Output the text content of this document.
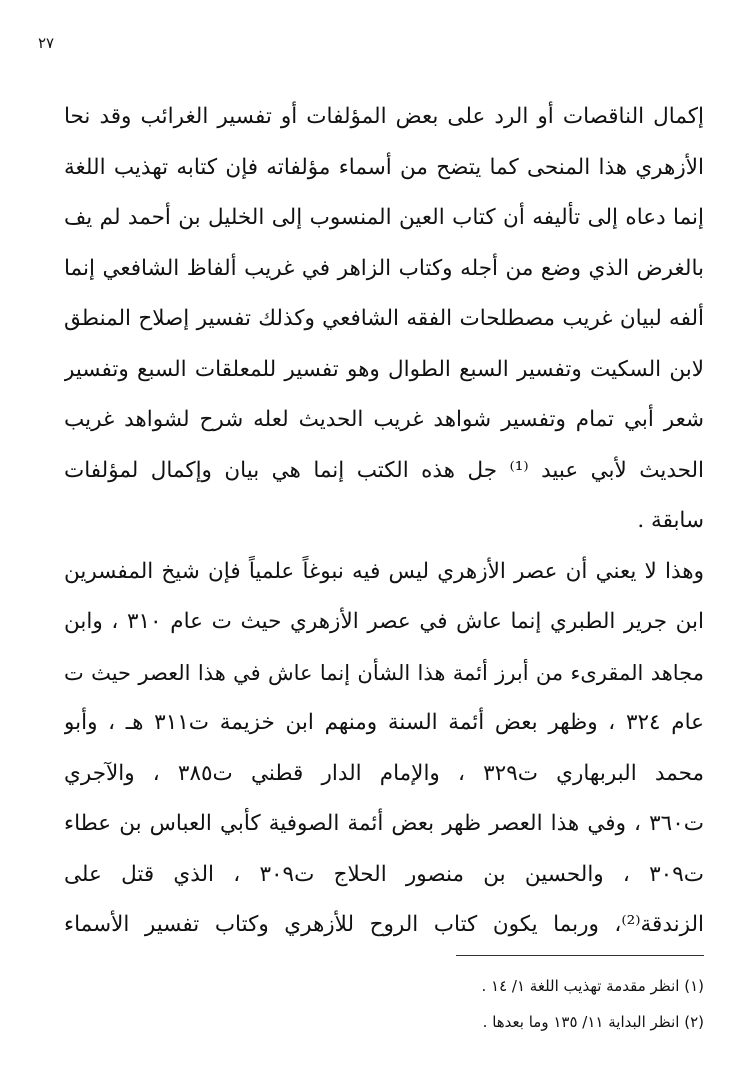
٢٧
إكمال الناقصات أو الرد على بعض المؤلفات أو تفسير الغرائب وقد نحا
الأزهري هذا المنحى كما يتضح من أسماء مؤلفاته فإن كتابه تهذيب اللغة
إنما دعاه إلى تأليفه أن كتاب العين المنسوب إلى الخليل بن أحمد لم يف
بالغرض الذي وضع من أجله وكتاب الزاهر في غريب ألفاظ الشافعي إنما
ألفه لبيان غريب مصطلحات الفقه الشافعي وكذلك تفسير إصلاح المنطق
لابن السكيت وتفسير السبع الطوال وهو تفسير للمعلقات السبع وتفسير
شعر أبي تمام وتفسير شواهد غريب الحديث لعله شرح لشواهد غريب
الحديث لأبي عبيد ⁽¹⁾ جل هذه الكتب إنما هي بيان وإكمال لمؤلفات
سابقة .
وهذا لا يعني أن عصر الأزهري ليس فيه نبوغاً علمياً فإن شيخ المفسرين
ابن جرير الطبري إنما عاش في عصر الأزهري حيث ت عام ٣١٠ ، وابن
مجاهد المقرىء من أبرز أئمة هذا الشأن إنما عاش في هذا العصر حيث ت
عام ٣٢٤ ، وظهر بعض أئمة السنة ومنهم ابن خزيمة ت٣١١ هـ ، وأبو
محمد البربهاري ت٣٢٩ ، والإمام الدار قطني ت٣٨٥ ، والآجري
ت٣٦٠ ، وفي هذا العصر ظهر بعض أئمة الصوفية كأبي العباس بن عطاء
ت٣٠٩ ، والحسين بن منصور الحلاج ت٣٠٩ ، الذي قتل على
الزندقة⁽²⁾، وربما يكون كتاب الروح للأزهري وكتاب تفسير الأسماء
(١) انظر مقدمة تهذيب اللغة ١/ ١٤ .
(٢) انظر البداية ١١/ ١٣٥ وما بعدها .
